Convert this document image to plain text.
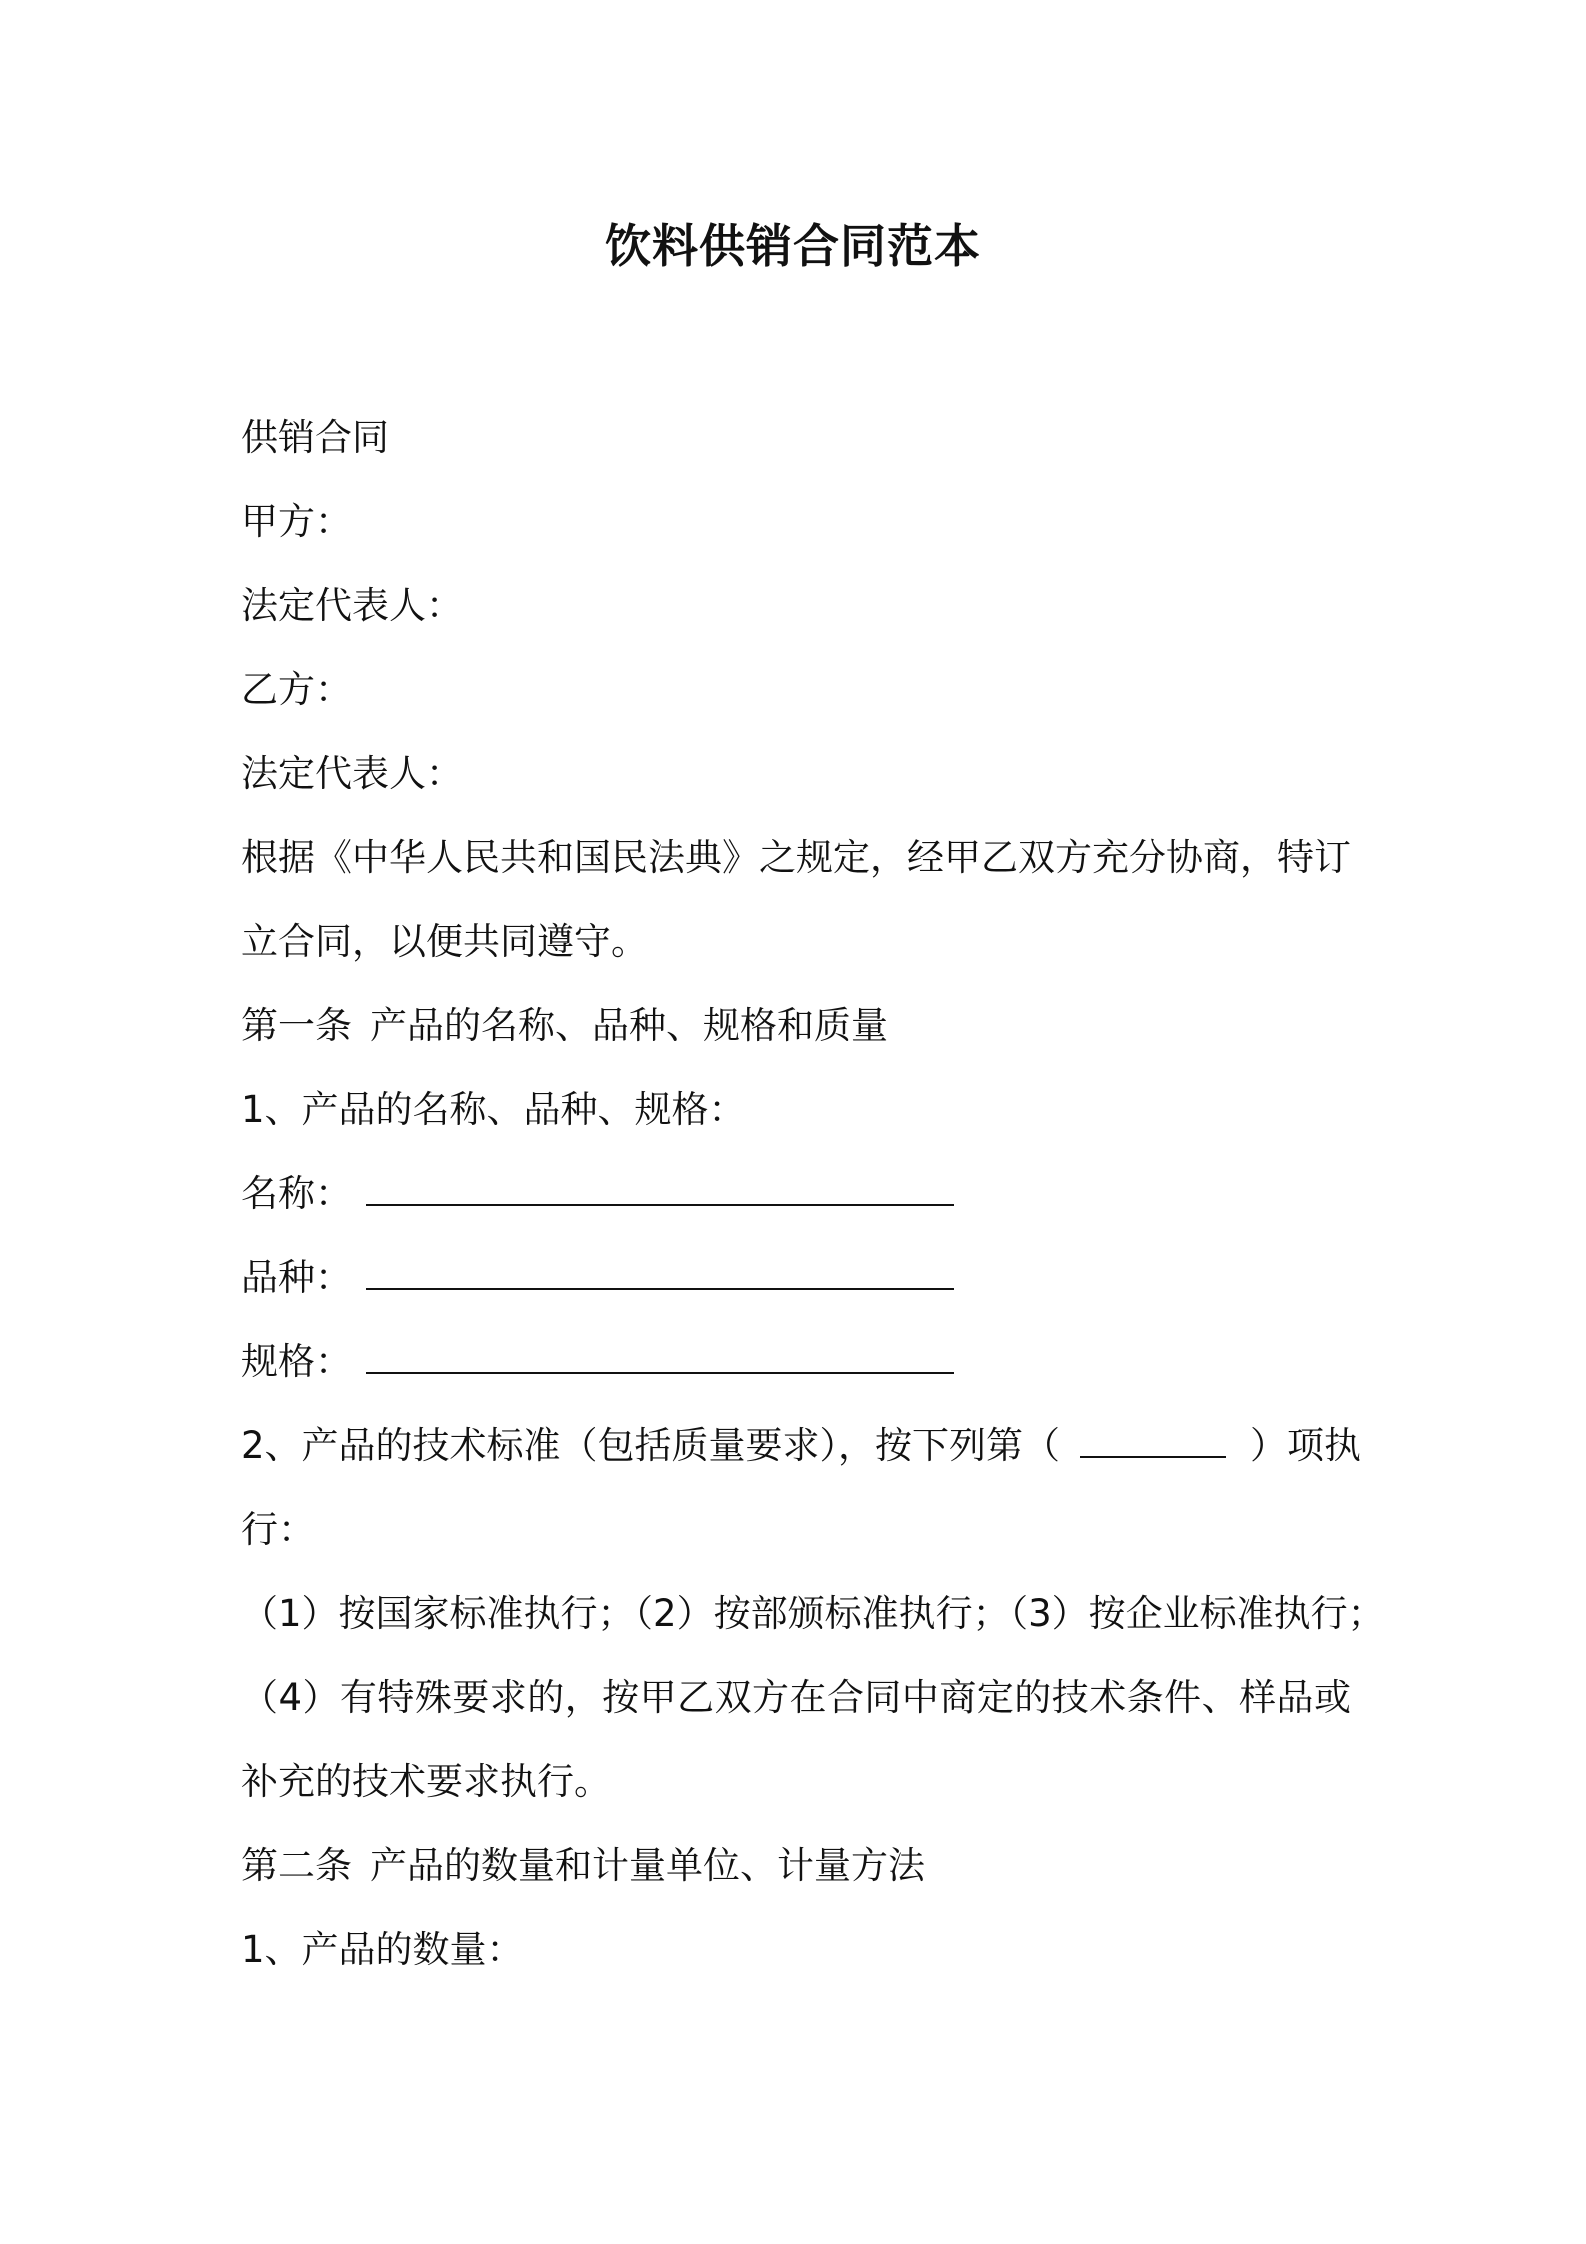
饮料供销合同范本
供销合同
甲方：
法定代表人：
乙方：
法定代表人：
根据《中华人民共和国民法典》之规定，经甲乙双方充分协商，特订
立合同，以便共同遵守。
第一条 产品的名称、品种、规格和质量
1、产品的名称、品种、规格：
名称：
品种：
规格：
2、产品的技术标准（包括质量要求），按下列第（	）项执
行：
（1）按国家标准执行；（2）按部颁标准执行；（3）按企业标准执行；
（4）有特殊要求的，按甲乙双方在合同中商定的技术条件、样品或
补充的技术要求执行。
第二条 产品的数量和计量单位、计量方法
1、产品的数量：
